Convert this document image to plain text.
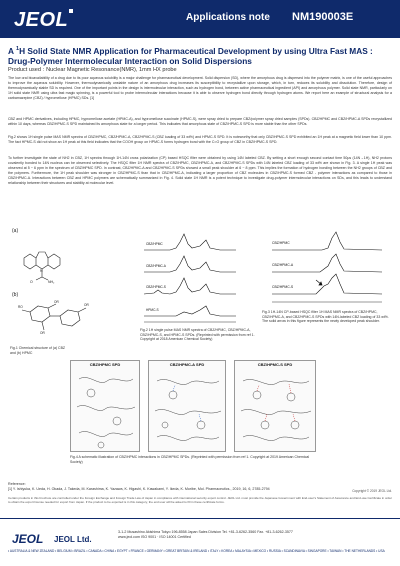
JEOL	Applications note NM190003E
A $^1$H Solid State NMR Application for Pharmaceutical Development by using Ultra Fast MAS : Drug-Polymer Intermolecular Interaction on Solid Dispersions
Product used : Nuclear Magnetic Resonance(NMR), 1mm HX probe
The low oral bioavailability of a drug due to its poor aqueous solubility is a major challenge for pharmaceutical development. Solid dispersion (SD), where the amorphous drug is dispersed into the polymer matrix, is one of the useful approaches to improve the aqueous solubility. However, thermodynamically unstable nature of an amorphous drug increases its susceptibility to recrystallize upon storage, which, in turn, reduces its solubility and dissolution. Therefore, design of thermodynamically stable SD is required. One of the important points in the design is intermolecular interaction, such as hydrogen bond, between active pharmaceutical ingredient (API) and amorphous polymer. Solid state NMR, particularly on 1H solid state NMR using ultra fast magic spinning, is a powerful tool to probe intermolecular interactions because it is able to observe hydrogen bond directly through hydrogen atoms. We report here an example of structural analysis for a carbamazepine (CBZ) / hypromellose (HPMC) SDs. [1]
CBZ and HPMC derivatives, including HPMC, hypromellose acetate (HPMC-A), and hypromellose succinate (HPMC-S), were spray dried to prepare CBZ/polymer spray dried samples (SPDs). CBZ/HPMC and CBZ/HPMC-A SPDs recrystallized within 10 days, whereas CBZ/HPMC-S SPD maintained its amorphous state for a longer period. This indicates that amorphous state of CBZ/HPMC-S SPD is more stable than the other SPDs.
Fig.2 shows 1H single pulse MAS NMR spectra of CBZ/HPMC, CBZ/HPMC-A, CBZ/HPMC-S (CBZ loading of 33 wt%) and HPMC-S SPD. It is noteworthy that only CBZ/HPMC-S SPD exhibited an 1H peak at a magnetic field lower than 10 ppm. The fact HPMC-S did not show an 1H peak at this field indicates that the COOH group on HPMC-S forms hydrogen bond with the C=O group of CBZ in CBZ/HPMC-S SPD.
To further investigate the state of NH2 in CBZ, 1H spectra through 1H-14N cross polarization (CP) based HSQC filter were obtained by using 14N labeled CBZ. By setting a short enough second contact time 50μs (14N→1H), NH2 protons covalently bonded to 14N nucleus can be observed selectively. The HSQC filter 1H NMR spectra of CBZ/HPMC, CBZ/HPMC-A, and CBZ/HPMC-S SPDs with 14N labeled CBZ loading of 33 wt% are shown in Fig. 3. A single 1H peak was observed at 5 ~ 6 ppm in the spectrum of CBZ/HPMC SPD. In contrast, CBZ/HPMC-A and CBZ/HPMC-S SPDs showed a small peak shoulder at 6 ~ 8 ppm. This implies the formation of hydrogen bonding between the NH2 groups of CBZ and the polymers. Furthermore, the 1H peak shoulder was stronger in CBZ/HPMC-S than that in CBZ/HPMC-A, indicating a larger proportion of CBZ molecules in CBZ/HPMC-S formed CBZ - polymer interactions as compared to those in CBZ/HPMC-A. Interactions between CBZ and HPMC polymers are schematically summarized in Fig. 4. Solid state 1H NMR is a potent technique to investigate drug-polymer intermolecular interactions on SDs, and this leads to understand relationship between their structures and stability at molecular level.
(a)
N
NH₂
O
(b)
OR
OR
OR
RO
Fig.1 Chemical structure of (a) CBZ and (b) HPMC
CBZ/HPMC
CBZ/HPMC-A
CBZ/HPMC-S
HPMC-S
Fig.2 1H single pulse MAS NMR spectra of CBZ/HPMC, CBZ/HPMC-A, CBZ/HPMC-S, and HPMC-S SPDs. (Reprinted with permission from ref 1. Copyright at 2018 American Chemical Society)
CBZ/HPMC
CBZ/HPMC-A
CBZ/HPMC-S
Fig.3 1H-14N CP-based HSQC filter 1H MAS NMR spectra of CBZ/HPMC, CBZ/HPMC-A, and CBZ/HPMC-S SPDs with 14N-labeled CBZ loading of 33 wt%. The solid arrow in this figure represents the newly developed peak shoulder.
CBZ/HPMC SPD	CBZ/HPMC-A SPD	CBZ/HPMC-S SPD
Fig.4 A schematic illustration of CBZ/HPMC interactions in CBZ/HPMC SPDs. (Reprinted with permission from ref 1. Copyright at 2019 American Chemical Society)
Reference:
[1] Y. Ishiyuka, K. Ueda, H. Okada, J. Takeda, M. Karashima, K. Yazawa, K. Higashi, K. Kawakami, Y. Ikeda, K. Moribe, Mol. Pharmaceutics., 2019, 16, 6, 2785-2794	Copyright © 2019 JEOL Ltd.
Certain products in this brochure are controlled under the Foreign Exchange and Foreign Trade Law of Japan in compliance with international security export control. JEOL Ltd. must provide the Japanese Government with End-user's Statement of Assurance and End-use Certificate in order to obtain the export license needed for export from Japan. If the product to be exported is in this category, the end user will be asked to fill in these certificate forms.
JEOL JEOL Ltd.
3-1-2 Musashino Akishima Tokyo 196-8558 Japan Sales Division Tel. +81-3-6262-3560 Fax. +81-3-6262-3577
www.jeol.com ISO 9001 · ISO 14001 Certified
• AUSTRALIA & NEW ZEALAND • BELGIUM • BRAZIL • CANADA • CHINA • EGYPT • FRANCE • GERMANY • GREAT BRITAIN & IRELAND • ITALY • KOREA • MALAYSIA • MEXICO • RUSSIA • SCANDINAVIA • SINGAPORE • TAIWAN • THE NETHERLANDS • USA
